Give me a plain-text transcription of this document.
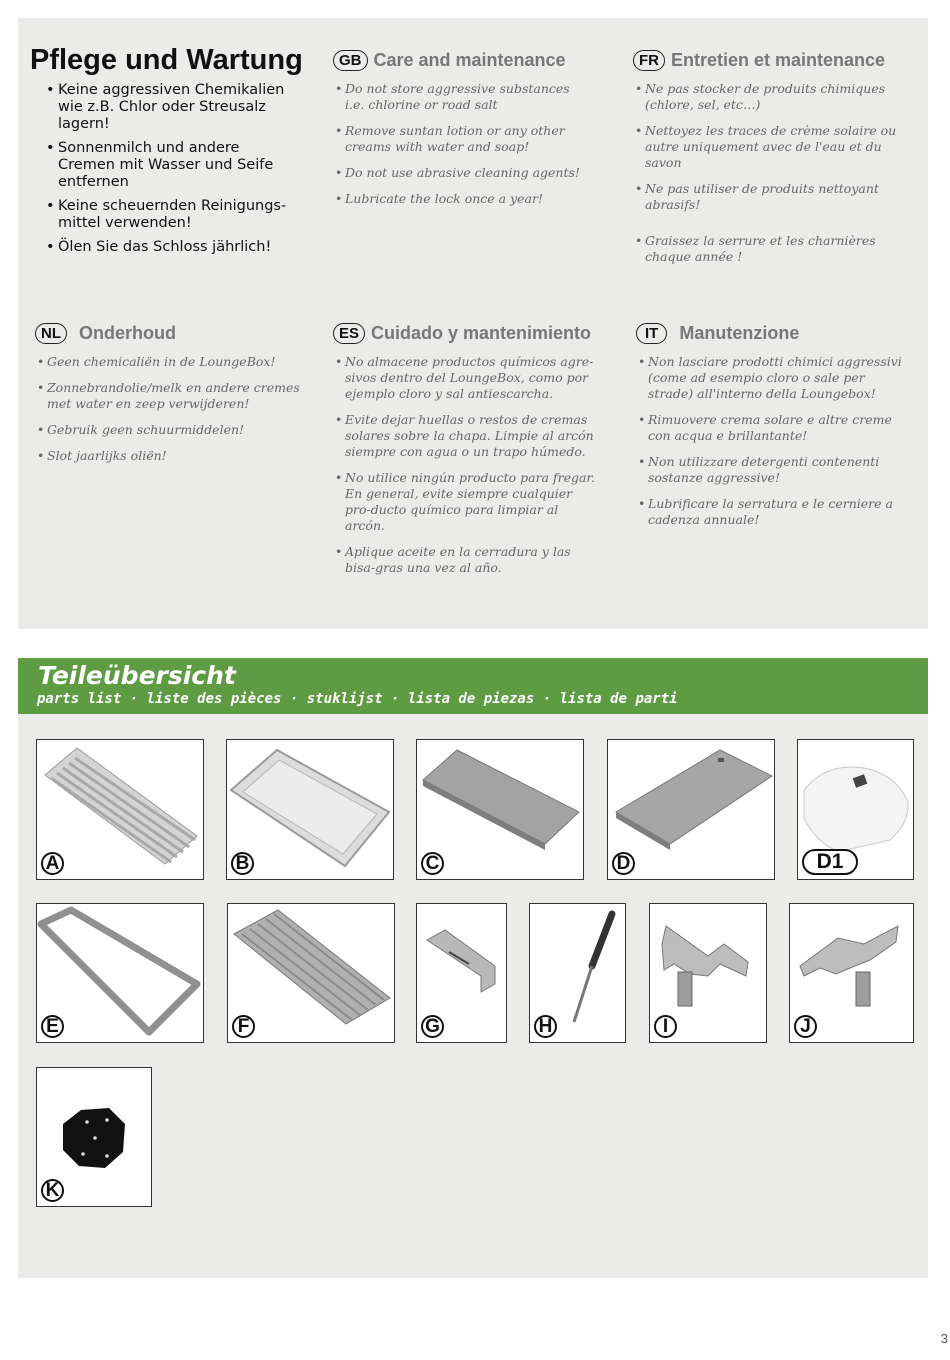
Pflege und Wartung
• Keine aggressiven Chemikalien wie z.B. Chlor oder Streusalz lagern!
• Sonnenmilch und andere Cremen mit Wasser und Seife entfernen
• Keine scheuernden Reinigungs-mittel verwenden!
• Ölen Sie das Schloss jährlich!
GB Care and maintenance
• Do not store aggressive substances i.e. chlorine or road salt
• Remove suntan lotion or any other creams with water and soap!
• Do not use abrasive cleaning agents!
• Lubricate the lock once a year!
FR Entretien et maintenance
• Ne pas stocker de produits chimiques (chlore, sel, etc…)
• Nettoyez les traces de crème solaire ou autre uniquement avec de l'eau et du savon
• Ne pas utiliser de produits nettoyant abrasifs!
• Graissez la serrure et les charnières chaque année !
NL	Onderhoud
• Geen chemicaliën in de LoungeBox!
• Zonnebrandolie/melk en andere cremes met water en zeep verwijderen!
• Gebruik geen schuurmiddelen!
• Slot jaarlijks oliën!
ES Cuidado y mantenimiento
• No almacene productos químicos agre-sivos dentro del LoungeBox, como por ejemplo cloro y sal antiescarcha.
• Evite dejar huellas o restos de cremas solares sobre la chapa. Limpie al arcón siempre con agua o un trapo húmedo.
• No utilice ningún producto para fregar. En general, evite siempre cualquier pro-ducto químico para limpiar al arcón.
• Aplique aceite en la cerradura y las bisa-gras una vez al año.
IT	Manutenzione
• Non lasciare prodotti chimici aggressivi (come ad esempio cloro o sale per strade) all'interno della Loungebox!
• Rimuovere crema solare e altre creme con acqua e brillantante!
• Non utilizzare detergenti contenenti sostanze aggressive!
• Lubrificare la serratura e le cerniere a cadenza annuale!
Teileübersicht
parts list · liste des pièces · stuklijst · lista de piezas · lista de parti
A	B	C	D	D1
E	F	G	H	I	J
K
3
